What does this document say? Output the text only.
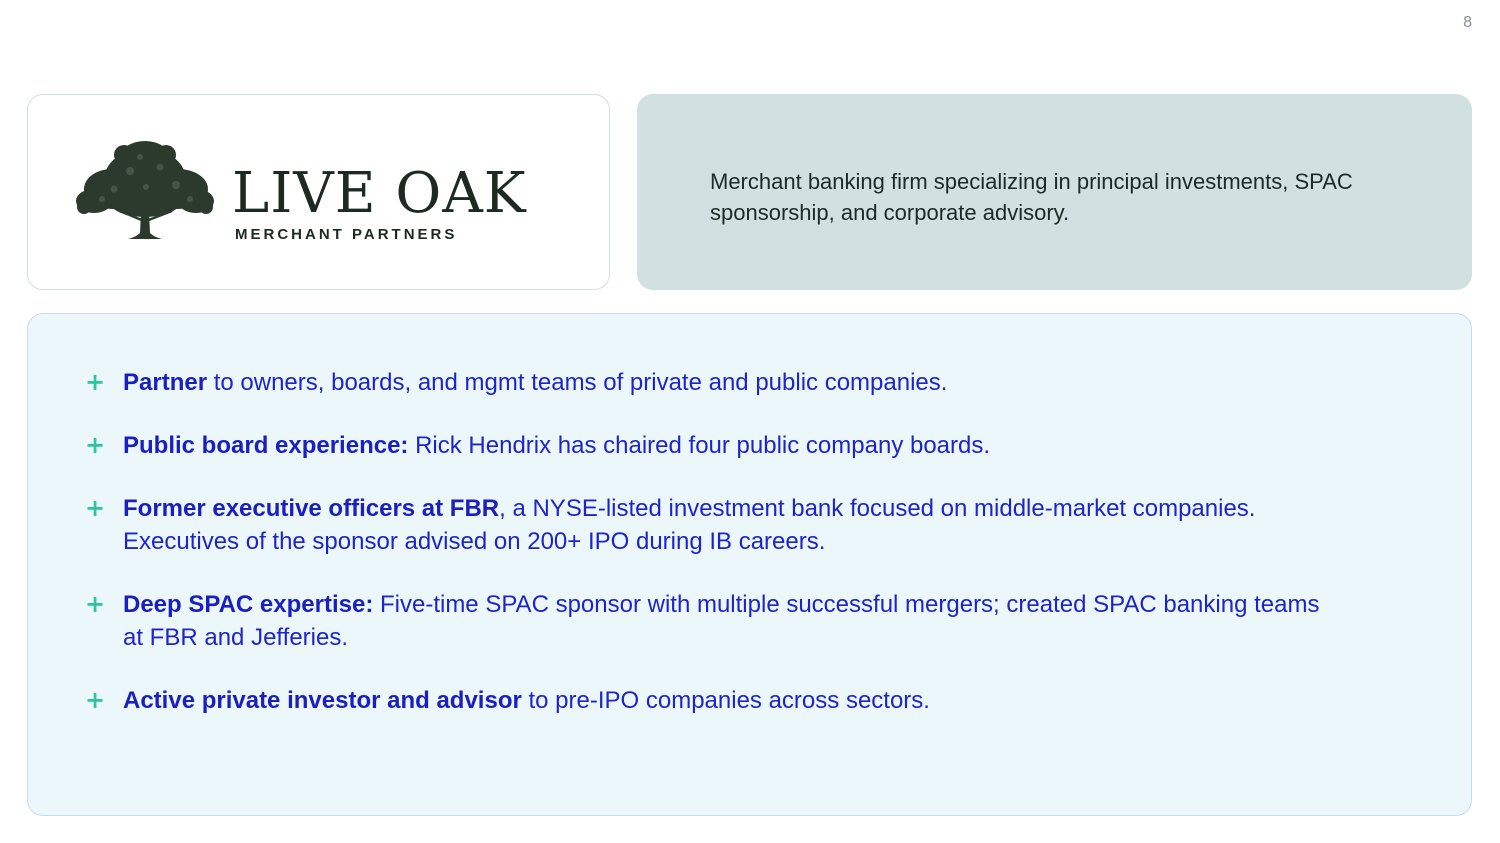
8
LIVE OAK
MERCHANT PARTNERS
Merchant banking firm specializing in principal investments, SPAC sponsorship, and corporate advisory.
+ Partner to owners, boards, and mgmt teams of private and public companies.
+ Public board experience: Rick Hendrix has chaired four public company boards.
+ Former executive officers at FBR, a NYSE-listed investment bank focused on middle-market companies. Executives of the sponsor advised on 200+ IPO during IB careers.
+ Deep SPAC expertise: Five-time SPAC sponsor with multiple successful mergers; created SPAC banking teams at FBR and Jefferies.
+ Active private investor and advisor to pre-IPO companies across sectors.
